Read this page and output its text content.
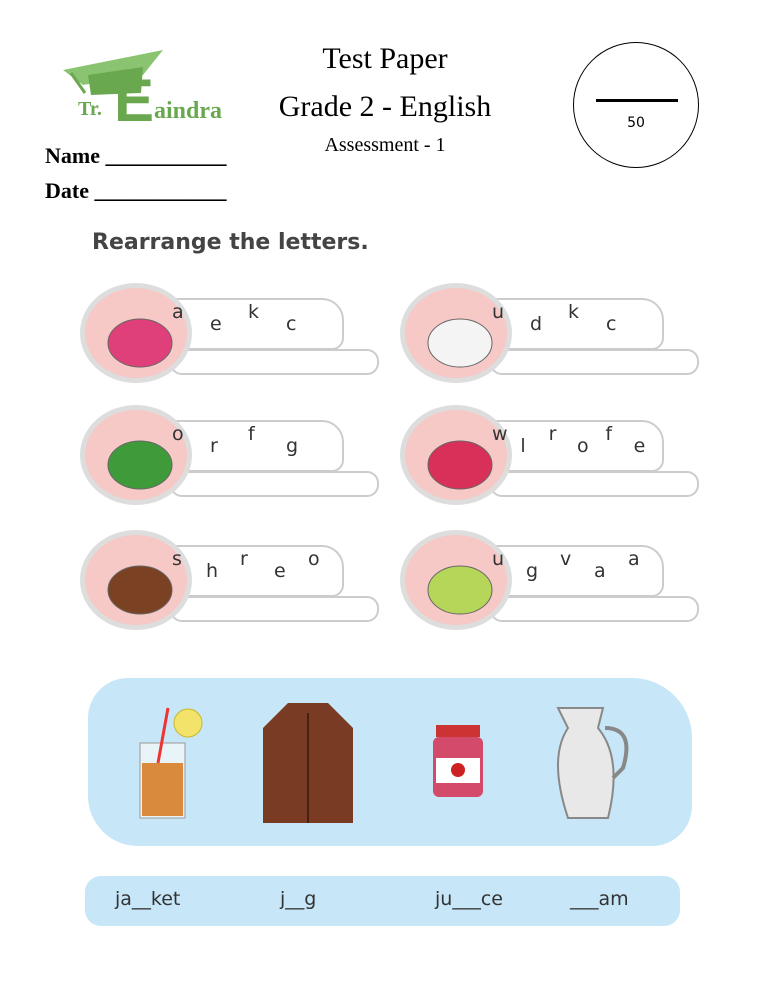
Tr. E aindra
Test Paper
Grade 2 - English
Assessment - 1
Name ___________
Date ____________
50
Rearrange the letters.
a
e
k
c
u
d
k
c
o
r
f
g
w
l
r
o
f
e
s
h
r
e
o	u
g
v
a
a
ja__ket	j__g	ju___ce	___am
